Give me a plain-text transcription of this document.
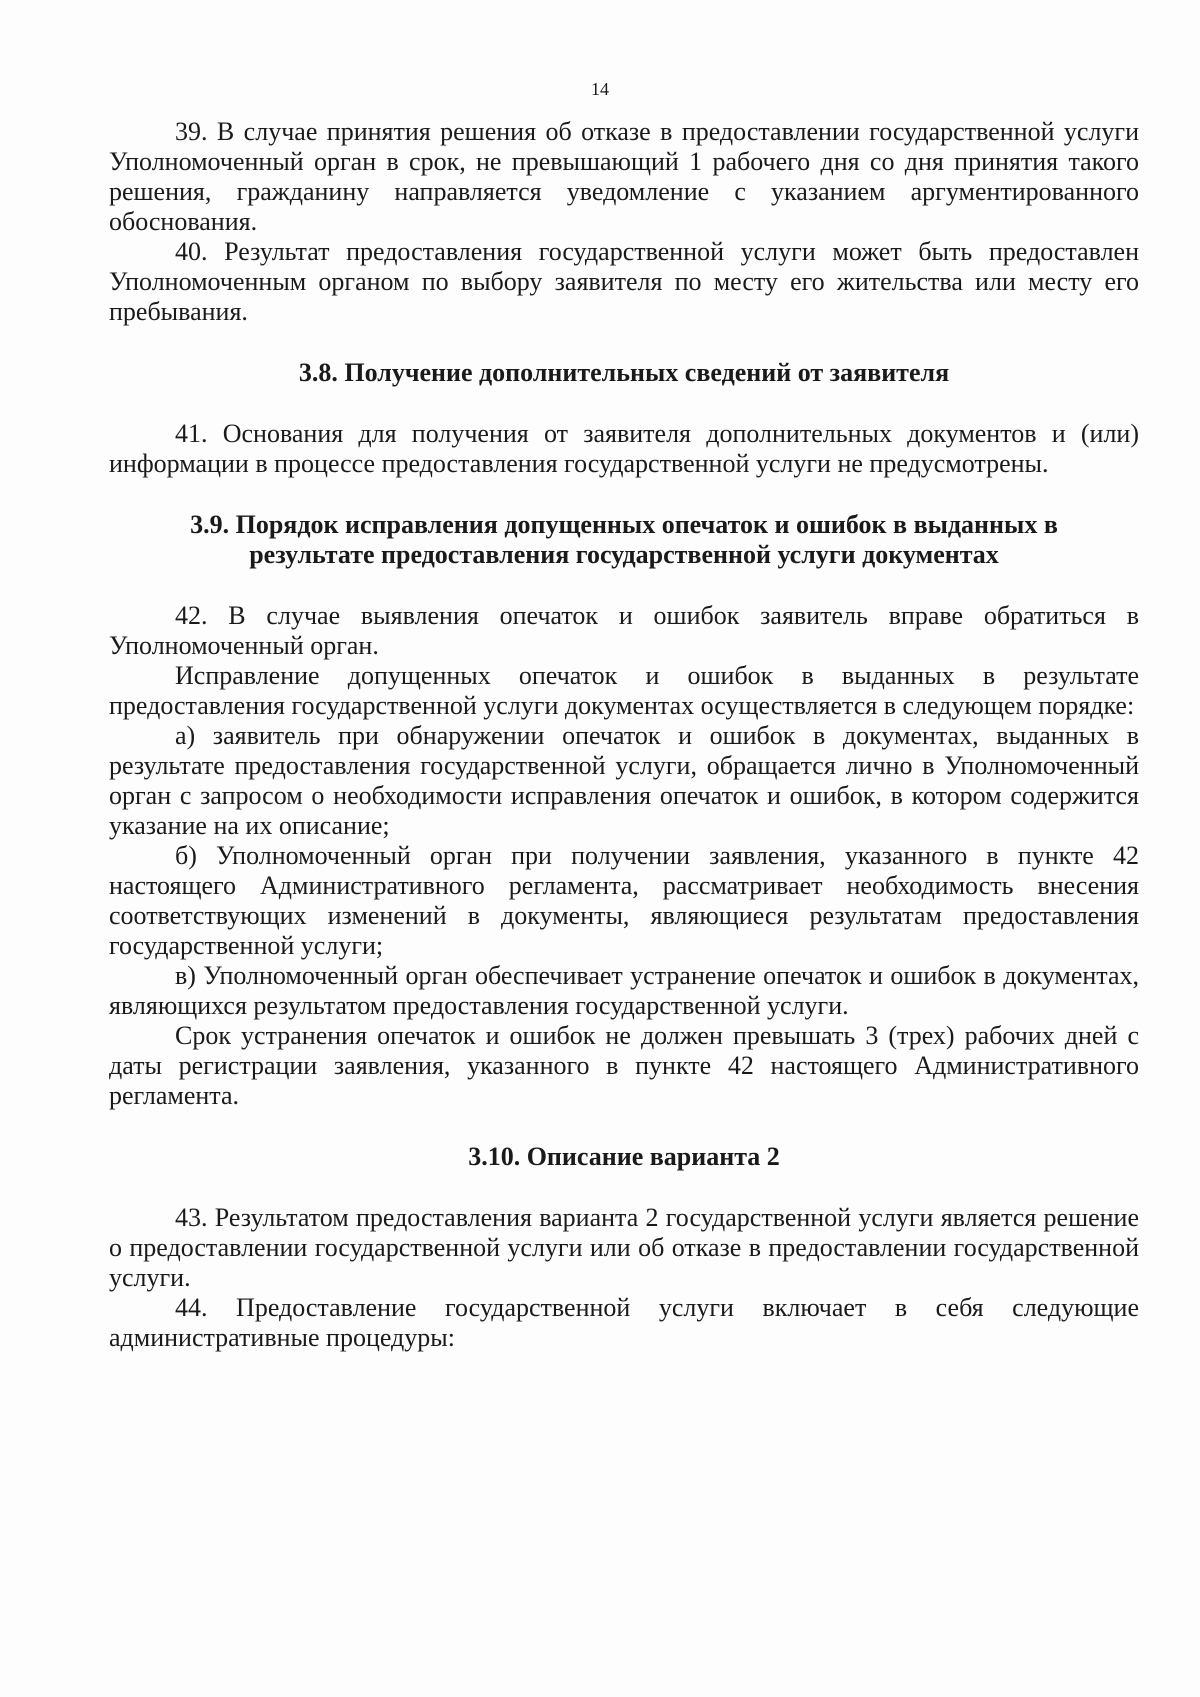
14

39. В случае принятия решения об отказе в предоставлении государственной услуги Уполномоченный орган в срок, не превышающий 1 рабочего дня со дня принятия такого решения, гражданину направляется уведомление с указанием аргументированного обоснования.

40. Результат предоставления государственной услуги может быть предоставлен Уполномоченным органом по выбору заявителя по месту его жительства или месту его пребывания.

3.8. Получение дополнительных сведений от заявителя

41. Основания для получения от заявителя дополнительных документов и (или) информации в процессе предоставления государственной услуги не предусмотрены.

3.9. Порядок исправления допущенных опечаток и ошибок в выданных в результате предоставления государственной услуги документах

42. В случае выявления опечаток и ошибок заявитель вправе обратиться в Уполномоченный орган.

Исправление допущенных опечаток и ошибок в выданных в результате предоставления государственной услуги документах осуществляется в следующем порядке:

а) заявитель при обнаружении опечаток и ошибок в документах, выданных в результате предоставления государственной услуги, обращается лично в Уполномоченный орган с запросом о необходимости исправления опечаток и ошибок, в котором содержится указание на их описание;

б) Уполномоченный орган при получении заявления, указанного в пункте 42 настоящего Административного регламента, рассматривает необходимость внесения соответствующих изменений в документы, являющиеся результатам предоставления государственной услуги;

в) Уполномоченный орган обеспечивает устранение опечаток и ошибок в документах, являющихся результатом предоставления государственной услуги.

Срок устранения опечаток и ошибок не должен превышать 3 (трех) рабочих дней с даты регистрации заявления, указанного в пункте 42 настоящего Административного регламента.

3.10. Описание варианта 2

43. Результатом предоставления варианта 2 государственной услуги является решение о предоставлении государственной услуги или об отказе в предоставлении государственной услуги.

44. Предоставление государственной услуги включает в себя следующие административные процедуры:
